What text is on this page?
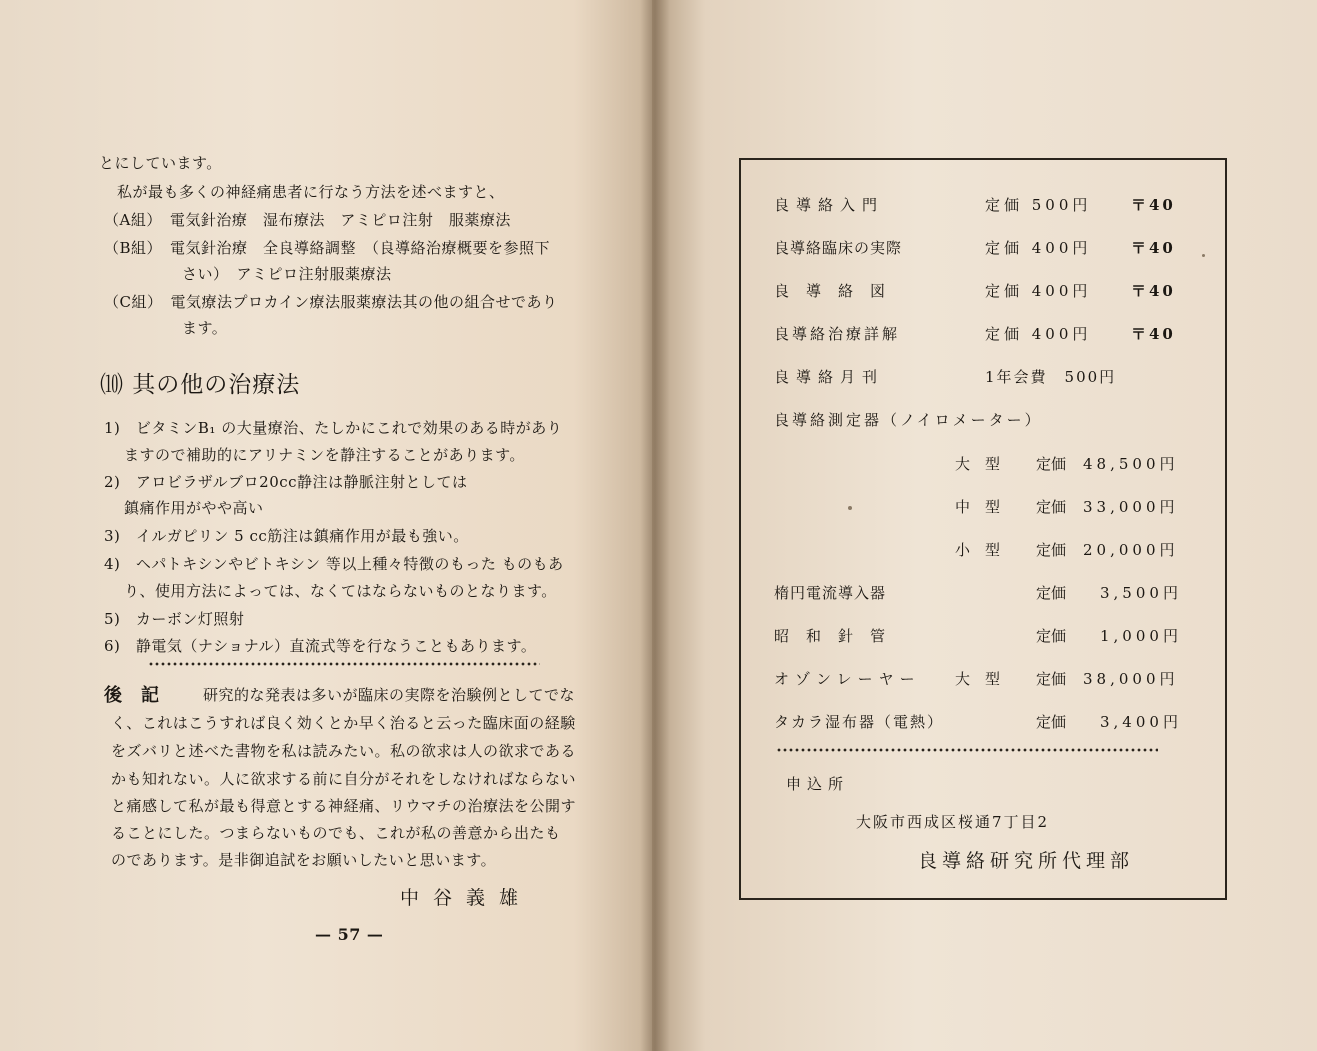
とにしています。
私が最も多くの神経痛患者に行なう方法を述べますと、
（A組）　電気針治療　湿布療法　アミピロ注射　服薬療法
（B組）　電気針治療　全良導絡調整　（良導絡治療概要を参照下
さい）　アミピロ注射服薬療法
（C組）　電気療法プロカイン療法服薬療法其の他の組合せであり
ます。
⑽ 其の他の治療法
1)　ビタミンB₁ の大量療治、たしかにこれで効果のある時があり
ますので補助的にアリナミンを静注することがあります。
2)　アロビラザルブロ20cc静注は静脈注射としては
鎮痛作用がやや高い
3)　イルガピリン 5 cc筋注は鎮痛作用が最も強い。
4)　ヘパトキシンやビトキシン 等以上種々特徴のもった ものもあ
り、使用方法によっては、なくてはならないものとなります。
5)　カーボン灯照射
6)　静電気（ナショナル）直流式等を行なうこともあります。
後　記	研究的な発表は多いが臨床の実際を治験例としてでな
く、これはこうすれば良く効くとか早く治ると云った臨床面の経験
をズバリと述べた書物を私は読みたい。私の欲求は人の欲求である
かも知れない。人に欲求する前に自分がそれをしなければならない
と痛感して私が最も得意とする神経痛、リウマチの治療法を公開す
ることにした。つまらないものでも、これが私の善意から出たも
のであります。是非御追試をお願いしたいと思います。
中谷義雄
— 57 —
良導絡入門	定価 500円	〒40
良導絡臨床の実際	定価 400円	〒40
良導絡図	定価 400円	〒40
良導絡治療詳解	定価 400円	〒40
良導絡月刊	1年会費　500円
良導絡測定器（ノイロメーター）
大　型 定価 48,500円
中　型 定価 33,000円
小　型 定価 20,000円
楕円電流導入器	定価 3,500円
昭和針管	定価 1,000円
オゾンレーヤー 大　型 定価 38,000円
タカラ湿布器（電熱）	定価 3,400円
申込所
大阪市西成区桜通7丁目2
良導絡研究所代理部
